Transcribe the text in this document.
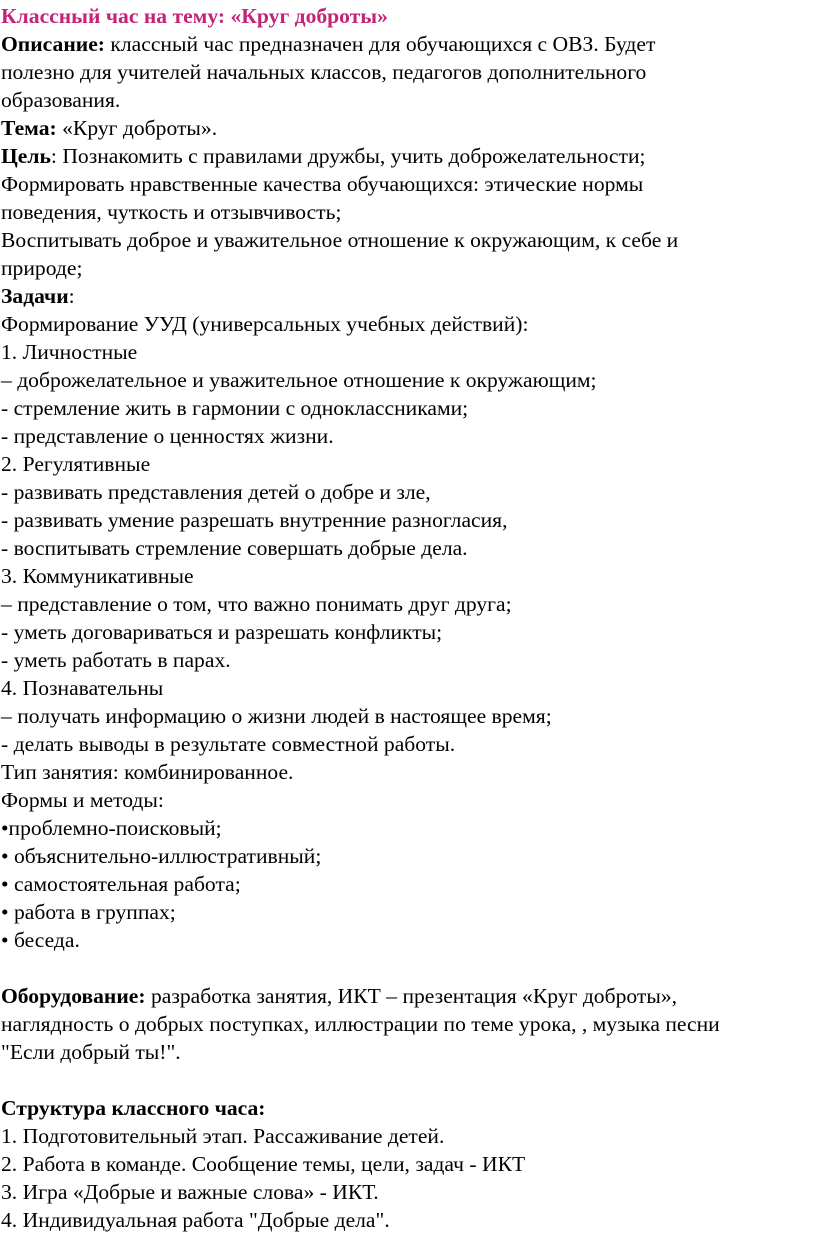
Классный час на тему: «Круг доброты»

Описание: классный час предназначен для обучающихся с ОВЗ. Будет

полезно для учителей начальных классов, педагогов дополнительного

образования.

Тема: «Круг доброты».

Цель: Познакомить с правилами дружбы, учить доброжелательности;

Формировать нравственные качества обучающихся: этические нормы

поведения, чуткость и отзывчивость;

Воспитывать доброе и уважительное отношение к окружающим, к себе и

природе;

Задачи:

Формирование УУД (универсальных учебных действий):

1. Личностные

– доброжелательное и уважительное отношение к окружающим;

- стремление жить в гармонии с одноклассниками;

- представление о ценностях жизни.

2. Регулятивные

- развивать представления детей о добре и зле,

- развивать умение разрешать внутренние разногласия,

- воспитывать стремление совершать добрые дела.

3. Коммуникативные

– представление о том, что важно понимать друг друга;

- уметь договариваться и разрешать конфликты;

- уметь работать в парах.

4. Познавательны

– получать информацию о жизни людей в настоящее время;

- делать выводы в результате совместной работы.

Тип занятия: комбинированное.

Формы и методы:

•проблемно-поисковый;

• объяснительно-иллюстративный;

• самостоятельная работа;

• работа в группах;

• беседа.

Оборудование: разработка занятия, ИКТ – презентация «Круг доброты»,

наглядность о добрых поступках, иллюстрации по теме урока, , музыка песни

"Если добрый ты!".

Структура классного часа:

1. Подготовительный этап. Рассаживание детей.

2. Работа в команде. Сообщение темы, цели, задач - ИКТ

3. Игра «Добрые и важные слова» - ИКТ.

4. Индивидуальная работа "Добрые дела".
